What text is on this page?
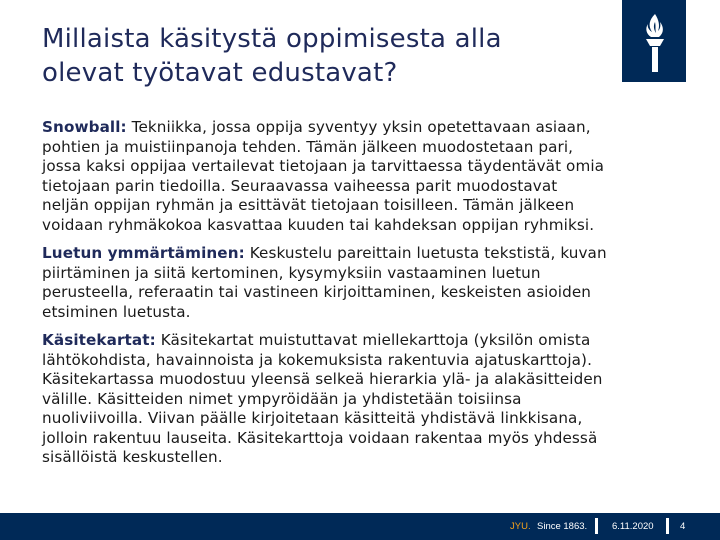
Millaista käsitystä oppimisesta alla
olevat työtavat edustavat?
Snowball: Tekniikka, jossa oppija syventyy yksin opetettavaan asiaan,
pohtien ja muistiinpanoja tehden. Tämän jälkeen muodostetaan pari,
jossa kaksi oppijaa vertailevat tietojaan ja tarvittaessa täydentävät omia
tietojaan parin tiedoilla. Seuraavassa vaiheessa parit muodostavat
neljän oppijan ryhmän ja esittävät tietojaan toisilleen. Tämän jälkeen
voidaan ryhmäkokoa kasvattaa kuuden tai kahdeksan oppijan ryhmiksi.
Luetun ymmärtäminen: Keskustelu pareittain luetusta tekstistä, kuvan
piirtäminen ja siitä kertominen, kysymyksiin vastaaminen luetun
perusteella, referaatin tai vastineen kirjoittaminen, keskeisten asioiden
etsiminen luetusta.
Käsitekartat: Käsitekartat muistuttavat miellekarttoja (yksilön omista
lähtökohdista, havainnoista ja kokemuksista rakentuvia ajatuskarttoja).
Käsitekartassa muodostuu yleensä selkeä hierarkia ylä- ja alakäsitteiden
välille. Käsitteiden nimet ympyröidään ja yhdistetään toisiinsa
nuoliviivoilla. Viivan päälle kirjoitetaan käsitteitä yhdistävä linkkisana,
jolloin rakentuu lauseita. Käsitekarttoja voidaan rakentaa myös yhdessä
sisällöistä keskustellen.
JYU. Since 1863.	6.11.2020	4
